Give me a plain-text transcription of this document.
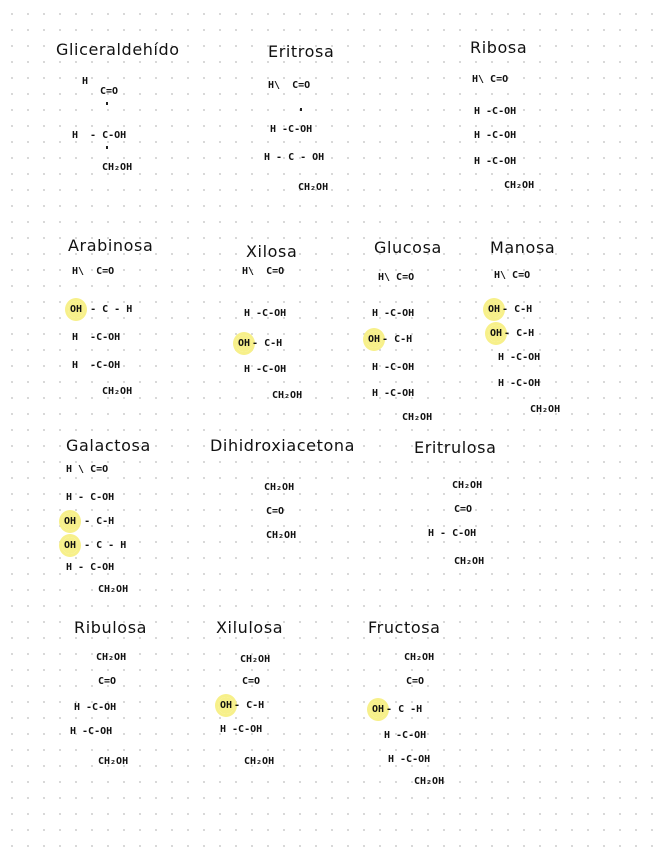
Gliceraldehído
H
C=O
H  - C-OH
CH₂OH
Eritrosa
H\  C=O
H -C-OH
H - C - OH
CH₂OH
Ribosa
H\ C=O
H -C-OH
H -C-OH
H -C-OH
CH₂OH
Arabinosa
H\  C=O
OH - C - H
H  -C-OH
H  -C-OH
CH₂OH
Xilosa
H\  C=O
H -C-OH
OH - C-H
H -C-OH
CH₂OH
Glucosa
H\ C=O
H -C-OH
OH - C-H
H -C-OH
H -C-OH
CH₂OH
Manosa
H\ C=O
OH - C-H
OH - C-H
H -C-OH
H -C-OH
CH₂OH
Galactosa
H \ C=O
H - C-OH
OH - C-H
OH - C - H
H - C-OH
CH₂OH
Dihidroxiacetona
CH₂OH
C=O
CH₂OH
Eritrulosa
CH₂OH
C=O
H - C-OH
CH₂OH
Ribulosa
CH₂OH
C=O
H -C-OH
H -C-OH
CH₂OH
Xilulosa
CH₂OH
C=O
OH - C-H
H -C-OH
CH₂OH
Fructosa
CH₂OH
C=O
OH - C -H
H -C-OH
H -C-OH
CH₂OH
